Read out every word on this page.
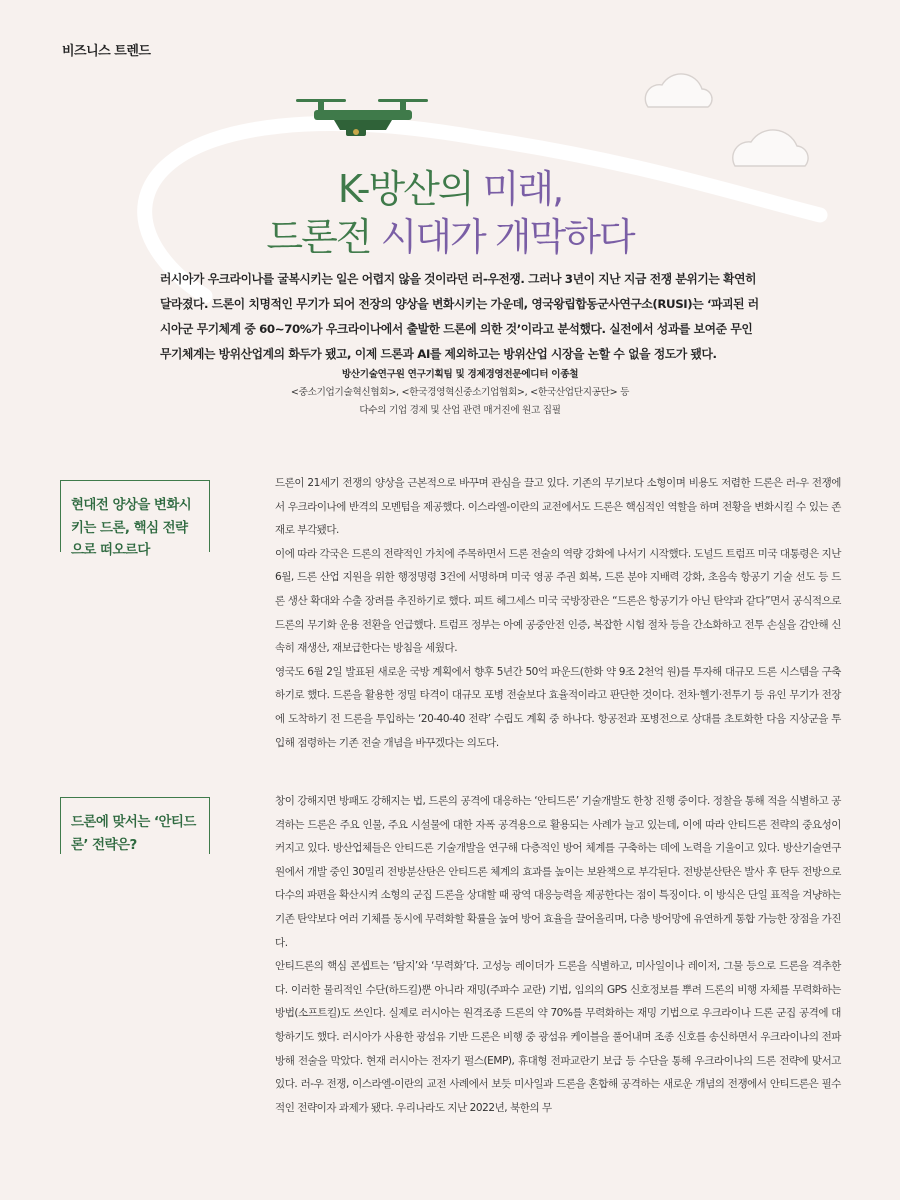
비즈니스 트렌드
K-방산의 미래,
드론전 시대가 개막하다

러시아가 우크라이나를 굴복시키는 일은 어렵지 않을 것이라던 러-우전쟁. 그러나 3년이 지난 지금 전쟁 분위기는 확연히 달라졌다. 드론이 치명적인 무기가 되어 전장의 양상을 변화시키는 가운데, 영국왕립합동군사연구소(RUSI)는 ‘파괴된 러시아군 무기체계 중 60~70%가 우크라이나에서 출발한 드론에 의한 것’이라고 분석했다. 실전에서 성과를 보여준 무인 무기체계는 방위산업계의 화두가 됐고, 이제 드론과 AI를 제외하고는 방위산업 시장을 논할 수 없을 정도가 됐다.

방산기술연구원 연구기획팀 및 경제경영전문에디터 이종철
<중소기업기술혁신협회>, <한국경영혁신중소기업협회>, <한국산업단지공단> 등
다수의 기업 경제 및 산업 관련 매거진에 원고 집필
현대전 양상을 변화시키는 드론, 핵심 전략으로 떠오르다

드론이 21세기 전쟁의 양상을 근본적으로 바꾸며 관심을 끌고 있다. 기존의 무기보다 소형이며 비용도 저렴한 드론은 러-우 전쟁에서 우크라이나에 반격의 모멘텀을 제공했다. 이스라엘-이란의 교전에서도 드론은 핵심적인 역할을 하며 전황을 변화시킬 수 있는 존재로 부각됐다.

이에 따라 각국은 드론의 전략적인 가치에 주목하면서 드론 전술의 역량 강화에 나서기 시작했다. 도널드 트럼프 미국 대통령은 지난 6월, 드론 산업 지원을 위한 행정명령 3건에 서명하며 미국 영공 주권 회복, 드론 분야 지배력 강화, 초음속 항공기 기술 선도 등 드론 생산 확대와 수출 장려를 추진하기로 했다. 피트 헤그세스 미국 국방장관은 “드론은 항공기가 아닌 탄약과 같다”면서 공식적으로 드론의 무기화 운용 전환을 언급했다. 트럼프 정부는 아예 공중안전 인증, 복잡한 시험 절차 등을 간소화하고 전투 손실을 감안해 신속히 재생산, 재보급한다는 방침을 세웠다.

영국도 6월 2일 발표된 새로운 국방 계획에서 향후 5년간 50억 파운드(한화 약 9조 2천억 원)를 투자해 대규모 드론 시스템을 구축하기로 했다. 드론을 활용한 정밀 타격이 대규모 포병 전술보다 효율적이라고 판단한 것이다. 전차·헬기·전투기 등 유인 무기가 전장에 도착하기 전 드론을 투입하는 ‘20-40-40 전략’ 수립도 계획 중 하나다. 항공전과 포병전으로 상대를 초토화한 다음 지상군을 투입해 점령하는 기존 전술 개념을 바꾸겠다는 의도다.

드론에 맞서는 ‘안티드론’ 전략은?

창이 강해지면 방패도 강해지는 법, 드론의 공격에 대응하는 ‘안티드론’ 기술개발도 한창 진행 중이다. 정찰을 통해 적을 식별하고 공격하는 드론은 주요 인물, 주요 시설물에 대한 자폭 공격용으로 활용되는 사례가 늘고 있는데, 이에 따라 안티드론 전략의 중요성이 커지고 있다. 방산업체들은 안티드론 기술개발을 연구해 다층적인 방어 체계를 구축하는 데에 노력을 기울이고 있다. 방산기술연구원에서 개발 중인 30밀리 전방분산탄은 안티드론 체계의 효과를 높이는 보완책으로 부각된다. 전방분산탄은 발사 후 탄두 전방으로 다수의 파편을 확산시켜 소형의 군집 드론을 상대할 때 광역 대응능력을 제공한다는 점이 특징이다. 이 방식은 단일 표적을 겨냥하는 기존 탄약보다 여러 기체를 동시에 무력화할 확률을 높여 방어 효율을 끌어올리며, 다층 방어망에 유연하게 통합 가능한 장점을 가진다.

안티드론의 핵심 콘셉트는 ‘탐지’와 ‘무력화’다. 고성능 레이더가 드론을 식별하고, 미사일이나 레이저, 그물 등으로 드론을 격추한다. 이러한 물리적인 수단(하드킬)뿐 아니라 재밍(주파수 교란) 기법, 임의의 GPS 신호정보를 뿌려 드론의 비행 자체를 무력화하는 방법(소프트킬)도 쓰인다. 실제로 러시아는 원격조종 드론의 약 70%를 무력화하는 재밍 기법으로 우크라이나 드론 군집 공격에 대항하기도 했다. 러시아가 사용한 광섬유 기반 드론은 비행 중 광섬유 케이블을 풀어내며 조종 신호를 송신하면서 우크라이나의 전파 방해 전술을 막았다. 현재 러시아는 전자기 펄스(EMP), 휴대형 전파교란기 보급 등 수단을 통해 우크라이나의 드론 전략에 맞서고 있다. 러-우 전쟁, 이스라엘-이란의 교전 사례에서 보듯 미사일과 드론을 혼합해 공격하는 새로운 개념의 전쟁에서 안티드론은 필수적인 전략이자 과제가 됐다. 우리나라도 지난 2022년, 북한의 무
